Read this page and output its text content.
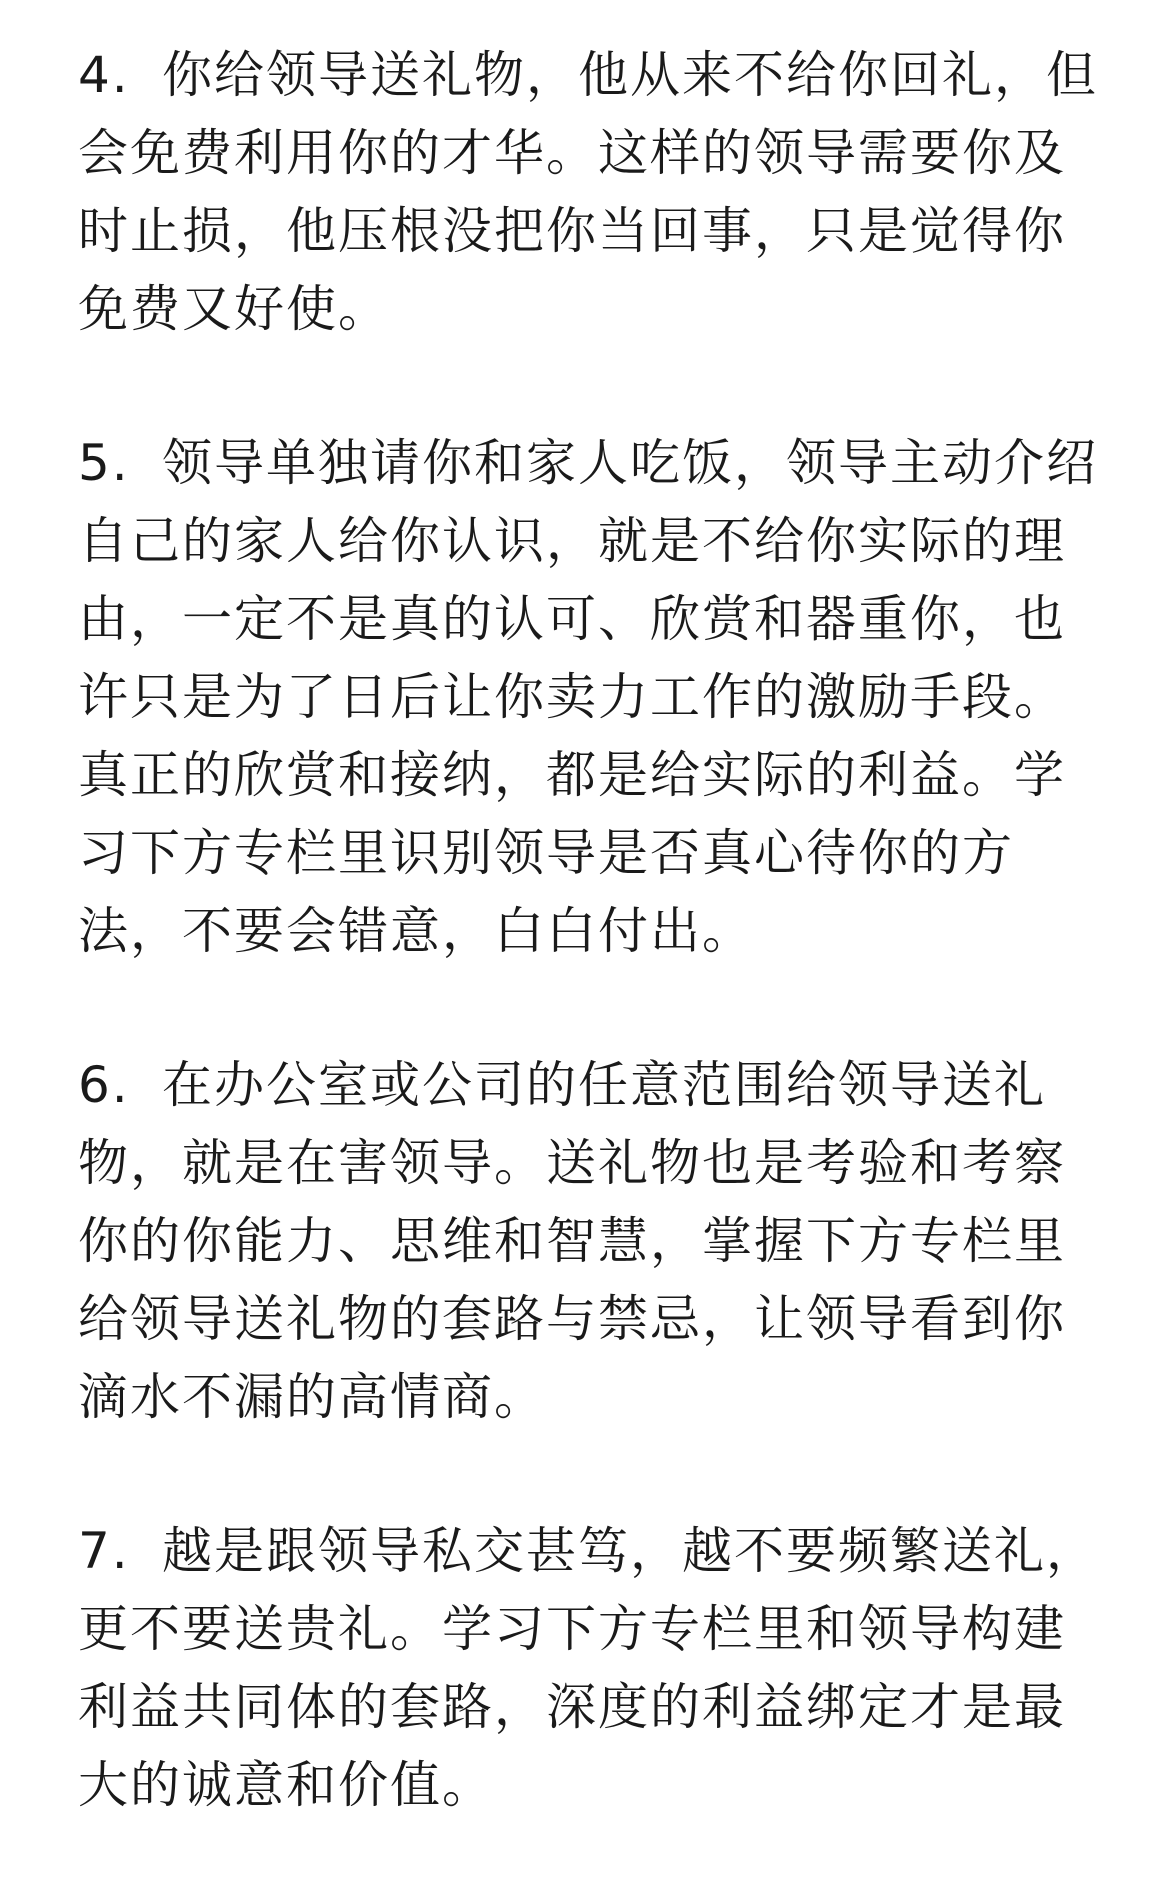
4. 你给领导送礼物，他从来不给你回礼，但
会免费利用你的才华。这样的领导需要你及
时止损，他压根没把你当回事，只是觉得你
免费又好使。
5. 领导单独请你和家人吃饭，领导主动介绍
自己的家人给你认识，就是不给你实际的理
由，一定不是真的认可、欣赏和器重你，也
许只是为了日后让你卖力工作的激励手段。
真正的欣赏和接纳，都是给实际的利益。学
习下方专栏里识别领导是否真心待你的方
法，不要会错意，白白付出。
6. 在办公室或公司的任意范围给领导送礼
物，就是在害领导。送礼物也是考验和考察
你的你能力、思维和智慧，掌握下方专栏里
给领导送礼物的套路与禁忌，让领导看到你
滴水不漏的高情商。
7. 越是跟领导私交甚笃，越不要频繁送礼，
更不要送贵礼。学习下方专栏里和领导构建
利益共同体的套路，深度的利益绑定才是最
大的诚意和价值。
